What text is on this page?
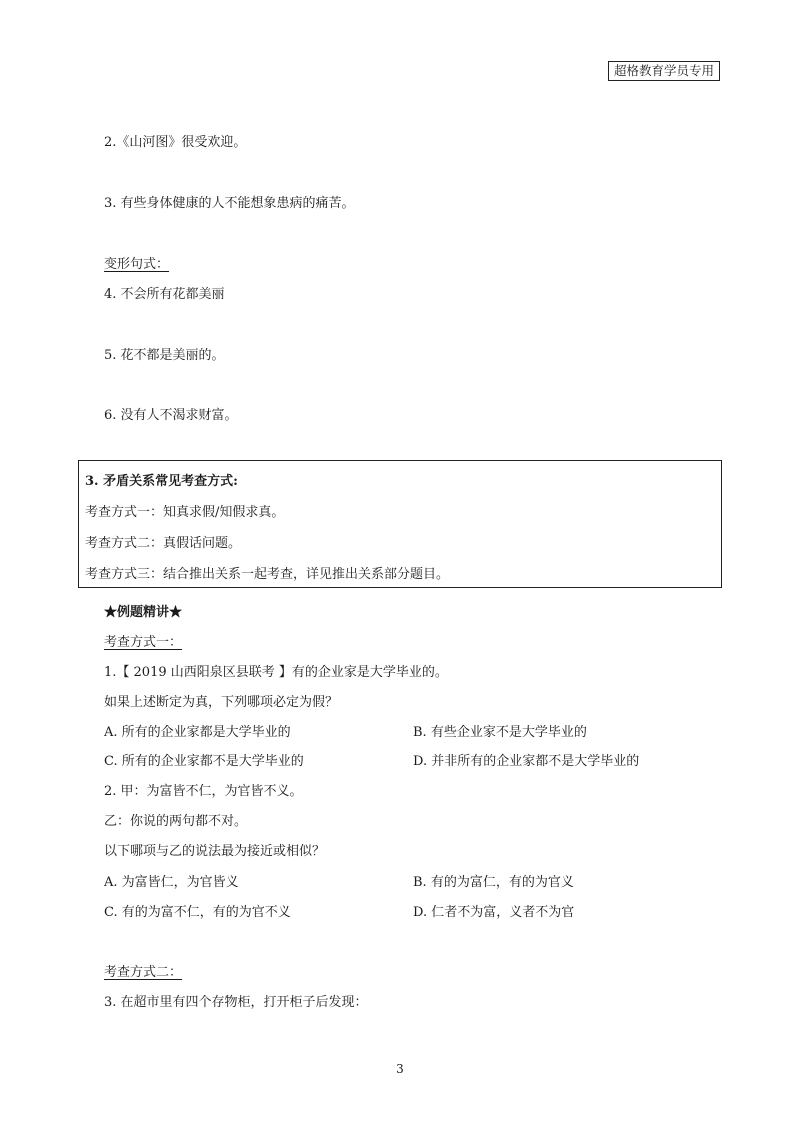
超格教育学员专用
2.《山河图》很受欢迎。
3. 有些身体健康的人不能想象患病的痛苦。
变形句式：
4. 不会所有花都美丽
5. 花不都是美丽的。
6. 没有人不渴求财富。
3. 矛盾关系常见考查方式:
考查方式一：知真求假/知假求真。
考查方式二：真假话问题。
考查方式三：结合推出关系一起考查，详见推出关系部分题目。
★例题精讲★
考查方式一：
1.【 2019 山西阳泉区县联考 】有的企业家是大学毕业的。
如果上述断定为真，下列哪项必定为假？
A. 所有的企业家都是大学毕业的	B. 有些企业家不是大学毕业的
C. 所有的企业家都不是大学毕业的	D. 并非所有的企业家都不是大学毕业的
2. 甲：为富皆不仁，为官皆不义。
乙：你说的两句都不对。
以下哪项与乙的说法最为接近或相似？
A. 为富皆仁，为官皆义	B. 有的为富仁，有的为官义
C. 有的为富不仁，有的为官不义	D. 仁者不为富，义者不为官
考查方式二：
3. 在超市里有四个存物柜，打开柜子后发现：
3
